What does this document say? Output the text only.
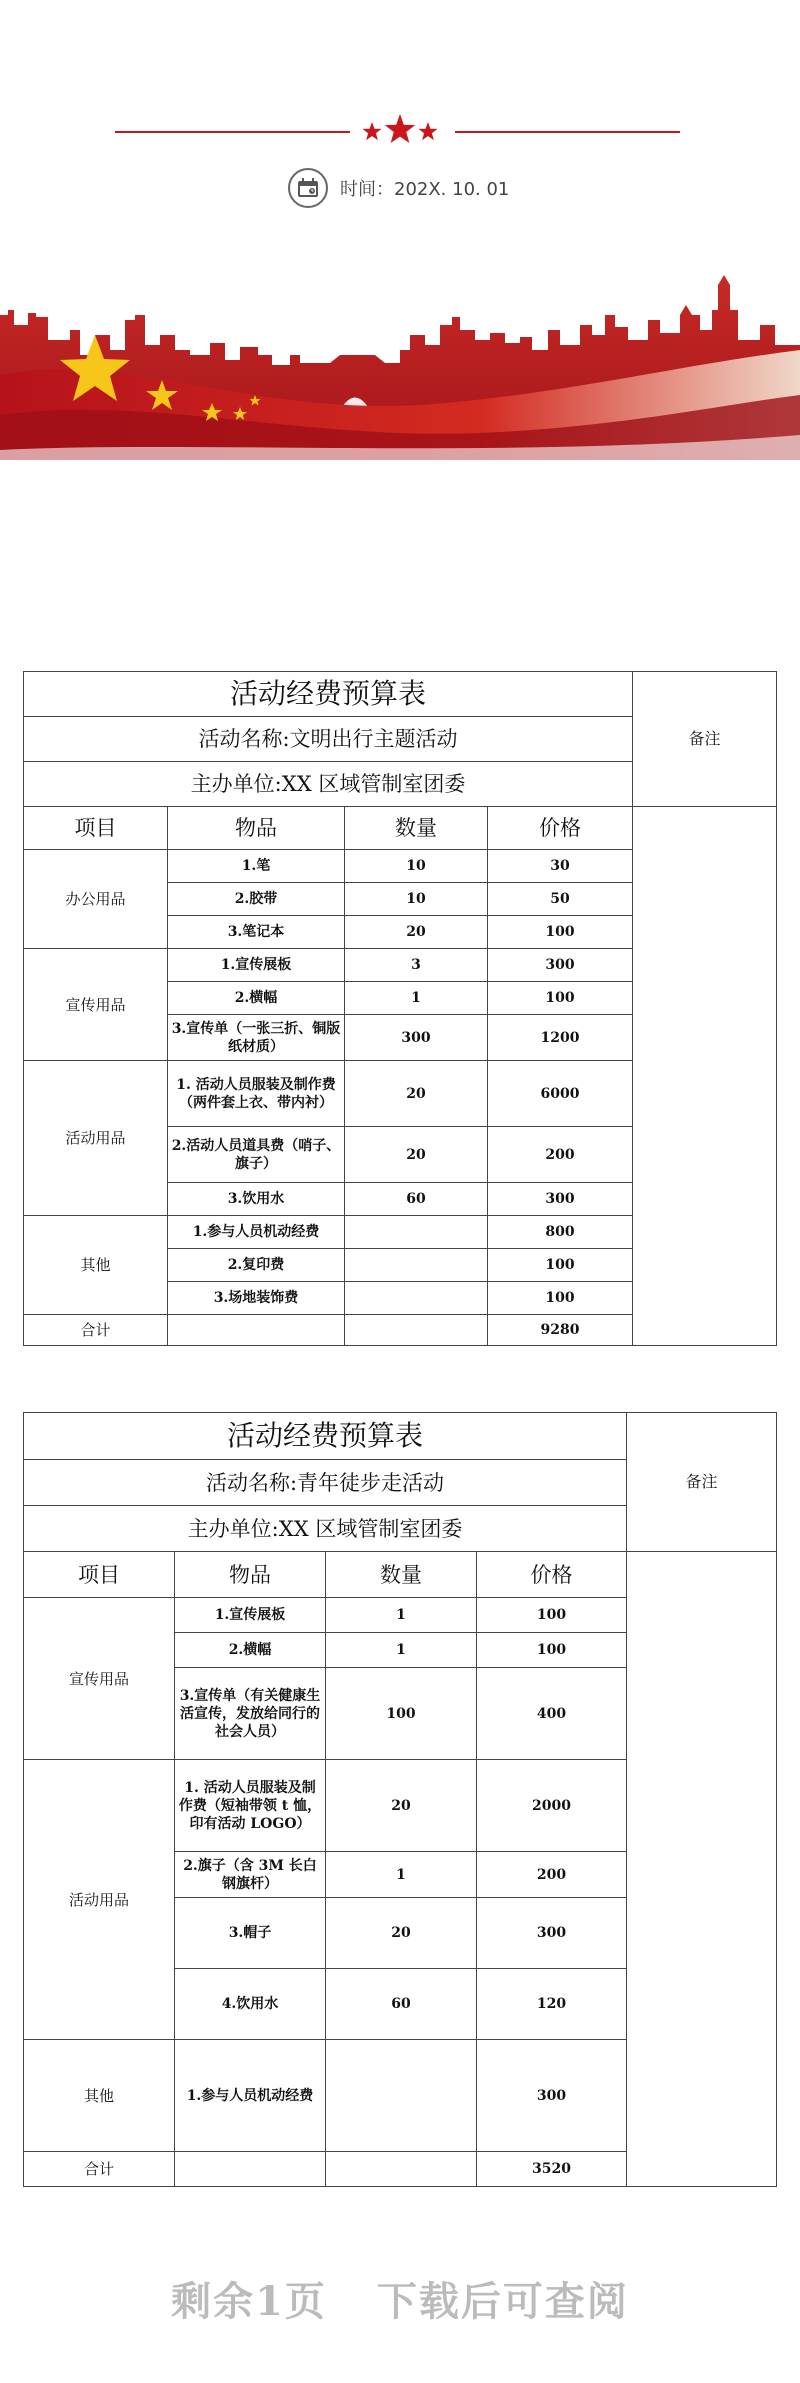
时间：202X. 10. 01
活动经费预算表				备注
活动名称:文明出行主题活动				
主办单位:XX 区域管制室团委				
项目	物品	数量	价格	
办公用品	1.笔	10	30	
	2.胶带	10	50	
	3.笔记本	20	100	
宣传用品	1.宣传展板	3	300	
	2.横幅	1	100	
	3.宣传单（一张三折、铜版纸材质）	300	1200	
活动用品	1. 活动人员服装及制作费（两件套上衣、带内衬）	20	6000	
	2.活动人员道具费（哨子、旗子）	20	200	
	3.饮用水	60	300	
其他	1.参与人员机动经费		800	
	2.复印费		100	
	3.场地装饰费		100	
合计			9280	
活动经费预算表				备注
活动名称:青年徒步走活动				
主办单位:XX 区域管制室团委				
项目	物品	数量	价格	
宣传用品	1.宣传展板	1	100	
	2.横幅	1	100	
	3.宣传单（有关健康生活宣传，发放给同行的社会人员）	100	400	
活动用品	1. 活动人员服装及制作费（短袖带领 t 恤，印有活动 LOGO）	20	2000	
	2.旗子（含 3M 长白钢旗杆）	1	200	
	3.帽子	20	300	
	4.饮用水	60	120	
其他	1.参与人员机动经费		300	
合计			3520	
剩余1页 下载后可查阅
